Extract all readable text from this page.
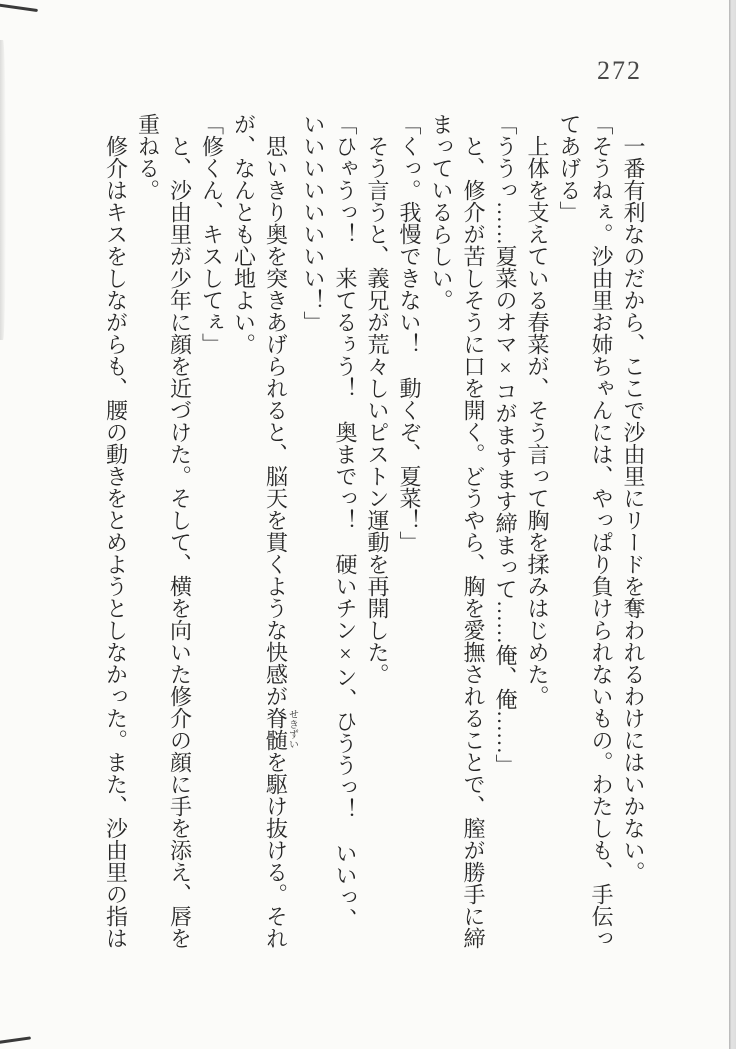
272

　一番有利なのだから、ここで沙由里にリードを奪われるわけにはいかない。

「そうねぇ。沙由里お姉ちゃんには、やっぱり負けられないもの。わたしも、手伝ってあげる」

　上体を支えている春菜が、そう言って胸を揉みはじめた。

「ううっ……夏菜のオマ×コがますます締まって……俺、俺……」

　と、修介が苦しそうに口を開く。どうやら、胸を愛撫されることで、膣が勝手に締まっているらしい。

「くっ。我慢できない！　動くぞ、夏菜！」

　そう言うと、義兄が荒々しいピストン運動を再開した。

「ひゃうっ！　来てるぅう！　奥までっ！　硬いチン×ン、ひううっ！　いいっ、いいいいいいいい！」

　思いきり奥を突きあげられると、脳天を貫くような快感が脊髄せきずいを駆け抜ける。それが、なんとも心地よい。

「修くん、キスしてぇ」

　と、沙由里が少年に顔を近づけた。そして、横を向いた修介の顔に手を添え、唇を重ねる。

　修介はキスをしながらも、腰の動きをとめようとしなかった。また、沙由里の指は
